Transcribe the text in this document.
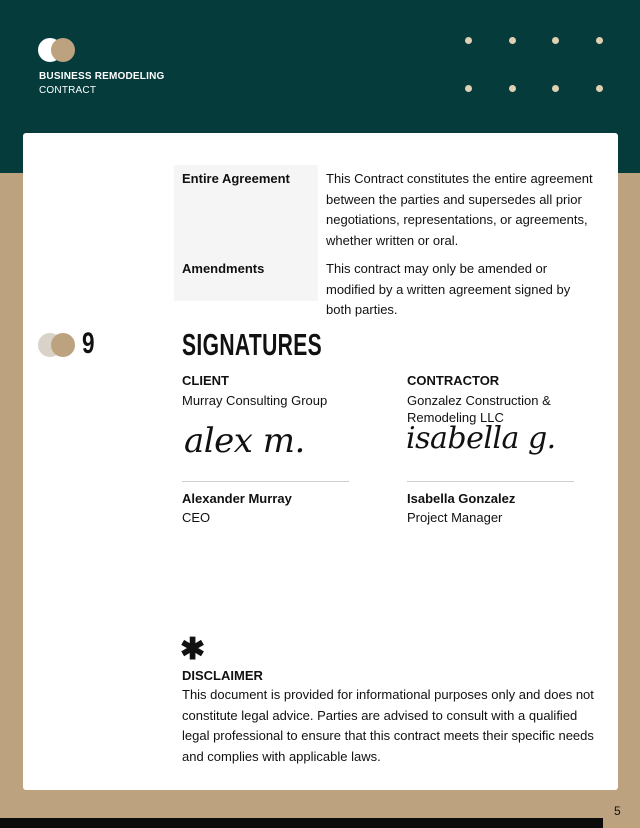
BUSINESS REMODELING
CONTRACT
Entire Agreement	This Contract constitutes the entire agreement between the parties and supersedes all prior negotiations, representations, or agreements, whether written or oral.
Amendments	This contract may only be amended or modified by a written agreement signed by both parties.
9	SIGNATURES
CLIENT
Murray Consulting Group
CONTRACTOR
Gonzalez Construction & Remodeling LLC
alex m.	isabella g.
Alexander Murray
CEO
Isabella Gonzalez
Project Manager
✱
DISCLAIMER
This document is provided for informational purposes only and does not constitute legal advice. Parties are advised to consult with a qualified legal professional to ensure that this contract meets their specific needs and complies with applicable laws.
5
